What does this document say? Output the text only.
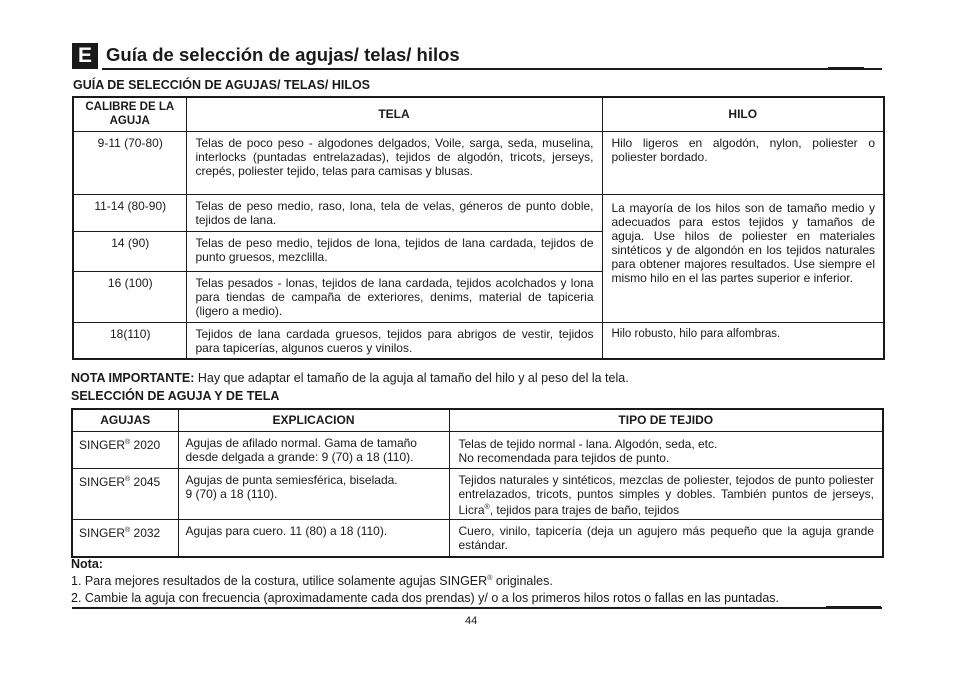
E Guía de selección de agujas/ telas/ hilos
GUÍA DE SELECCIÓN DE AGUJAS/ TELAS/ HILOS
CALIBRE DE LA AGUJA	TELA	HILO

9-11 (70-80)	Telas de poco peso - algodones delgados, Voile, sarga, seda, muselina, interlocks (puntadas entrelazadas), tejidos de algodón, tricots, jerseys, crepés, poliester tejido, telas para camisas y blusas.	Hilo ligeros en algodón, nylon, poliester o poliester bordado.

11-14 (80-90)	Telas de peso medio, raso, lona, tela de velas, géneros de punto doble, tejidos de lana.	La mayoría de los hilos son de tamaño medio y adecuados para estos tejidos y tamaños de aguja. Use hilos de poliester en materiales sintéticos y de algondón en los tejidos naturales para obtener majores resultados. Use siempre el mismo hilo en el las partes superior e inferior.

14 (90)	Telas de peso medio, tejidos de lona, tejidos de lana cardada, tejidos de punto gruesos, mezclilla.	

16 (100)	Telas pesados - lonas, tejidos de lana cardada, tejidos acolchados y lona para tiendas de campaña de exteriores, denims, material de tapiceria (ligero a medio).	

18(110)	Tejidos de lana cardada gruesos, tejidos para abrigos de vestir, tejidos para tapicerías, algunos cueros y vinilos.	Hilo robusto, hilo para alfombras.
NOTA IMPORTANTE: Hay que adaptar el tamaño de la aguja al tamaño del hilo y al peso del la tela.
SELECCIÓN DE AGUJA Y DE TELA
AGUJAS	EXPLICACION	TIPO DE TEJIDO

SINGER® 2020	Agujas de afilado normal. Gama de tamaño desde delgada a grande: 9 (70) a 18 (110).	Telas de tejido normal - lana. Algodón, seda, etc.
No recomendada para tejidos de punto.

SINGER® 2045	Agujas de punta semiesférica, biselada.
9 (70) a 18 (110).	Tejidos naturales y sintéticos, mezclas de poliester, tejodos de punto poliester entrelazados, tricots, puntos simples y dobles. También puntos de jerseys, Licra®, tejidos para trajes de baño, tejidos

SINGER® 2032	Agujas para cuero. 11 (80) a 18 (110).	Cuero, vinilo, tapicería (deja un agujero más pequeño que la aguja grande estándar.
Nota:
1. Para mejores resultados de la costura, utilice solamente agujas SINGER® originales.
2. Cambie la aguja con frecuencia (aproximadamente cada dos prendas) y/ o a los primeros hilos rotos o fallas en las puntadas.
44
